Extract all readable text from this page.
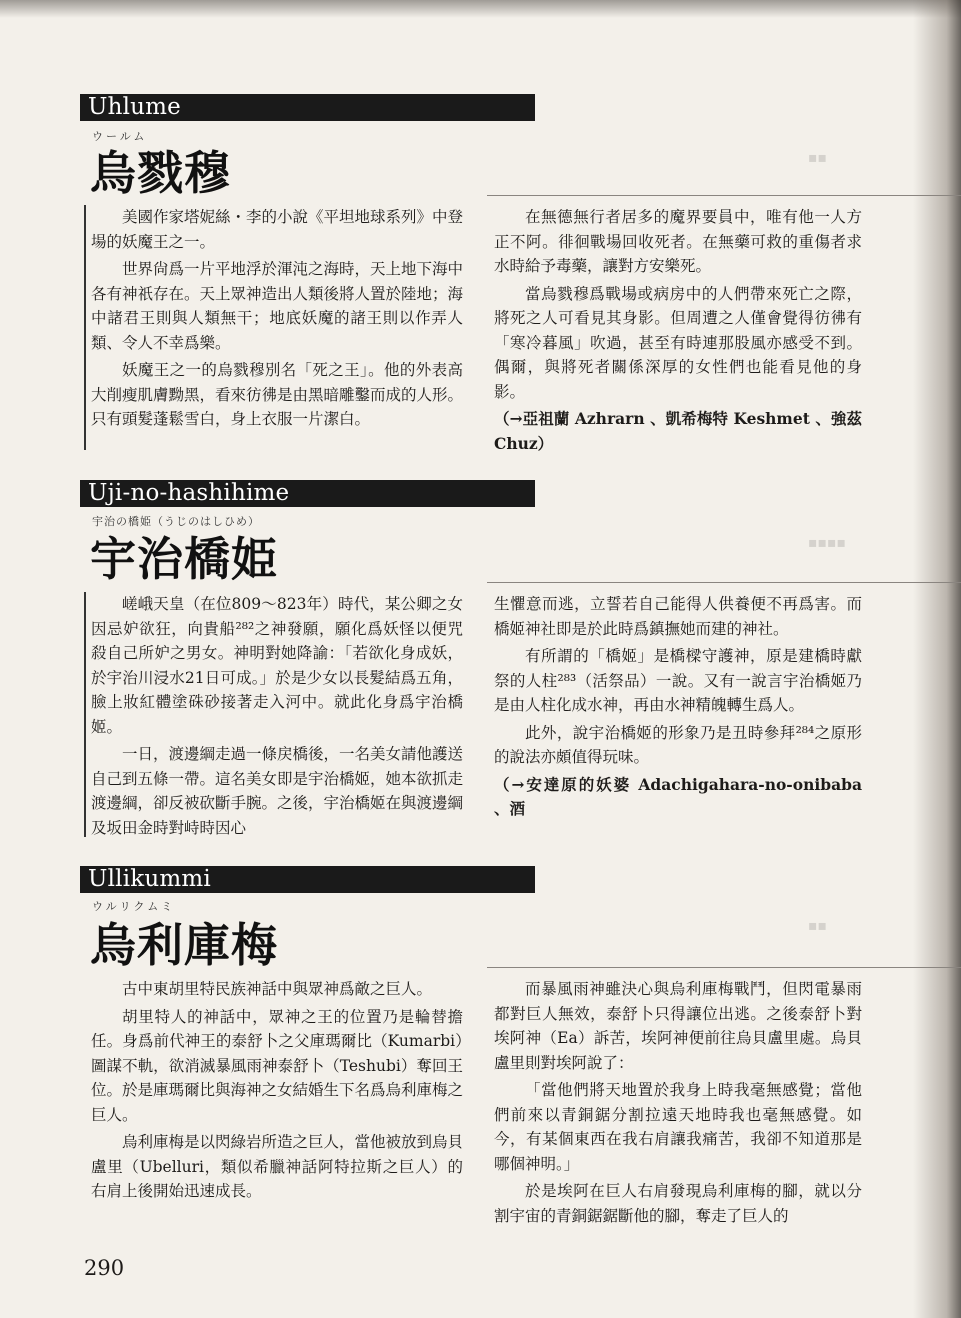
▪▪
▪▪▪▪
▪▪
Uhlume
ウールム
烏戮穆

美國作家塔妮絲・李的小說《平坦地球系列》中登場的妖魔王之一。

世界尙爲一片平地浮於渾沌之海時，天上地下海中各有神祇存在。天上眾神造出人類後將人置於陸地；海中諸君王則與人類無干；地底妖魔的諸王則以作弄人類、令人不幸爲樂。

妖魔王之一的烏戮穆別名「死之王」。他的外表高大削瘦肌膚黝黑，看來彷彿是由黑暗雕鑿而成的人形。只有頭髮蓬鬆雪白，身上衣服一片潔白。

在無德無行者居多的魔界要員中，唯有他一人方正不阿。徘徊戰場回收死者。在無藥可救的重傷者求水時給予毒藥，讓對方安樂死。

當烏戮穆爲戰場或病房中的人們帶來死亡之際，將死之人可看見其身影。但周遭之人僅會覺得彷彿有「寒冷暮風」吹過，甚至有時連那股風亦感受不到。偶爾，與將死者關係深厚的女性們也能看見他的身影。

（→亞祖蘭 Azhrarn 、凱希梅特 Keshmet 、強茲 Chuz）

Uji-no-hashihime
宇治の橋姫（うじのはしひめ）
宇治橋姫

嵯峨天皇（在位809～823年）時代，某公卿之女因忌妒欲狂，向貴船²⁸²之神發願，願化爲妖怪以便咒殺自己所妒之男女。神明對她降諭：「若欲化身成妖，於宇治川浸水21日可成。」於是少女以長髮結爲五角，臉上妝紅體塗硃砂接著走入河中。就此化身爲宇治橋姬。

一日，渡邊綱走過一條戻橋後，一名美女請他護送自己到五條一帶。這名美女即是宇治橋姬，她本欲抓走渡邊綱，卻反被砍斷手腕。之後，宇治橋姬在與渡邊綱及坂田金時對峙時因心

生懼意而逃，立誓若自己能得人供養便不再爲害。而橋姬神社即是於此時爲鎮撫她而建的神社。

有所謂的「橋姬」是橋樑守護神，原是建橋時獻祭的人柱²⁸³（活祭品）一說。又有一說言宇治橋姬乃是由人柱化成水神，再由水神精魄轉生爲人。

此外，說宇治橋姬的形象乃是丑時參拜²⁸⁴之原形的說法亦頗值得玩味。

（→安達原的妖婆 Adachigahara-no-onibaba 、酒

Ullikummi
ウルリクムミ
烏利庫梅

古中東胡里特民族神話中與眾神爲敵之巨人。

胡里特人的神話中，眾神之王的位置乃是輪替擔任。身爲前代神王的泰舒卜之父庫瑪爾比（Kumarbi）圖謀不軌，欲消滅暴風雨神泰舒卜（Teshubi）奪回王位。於是庫瑪爾比與海神之女結婚生下名爲烏利庫梅之巨人。

烏利庫梅是以閃綠岩所造之巨人，當他被放到烏貝盧里（Ubelluri，類似希臘神話阿特拉斯之巨人）的右肩上後開始迅速成長。

而暴風雨神雖決心與烏利庫梅戰鬥，但閃電暴雨都對巨人無效，泰舒卜只得讓位出逃。之後泰舒卜對埃阿神（Ea）訴苦，埃阿神便前往烏貝盧里處。烏貝盧里則對埃阿說了：

「當他們將天地置於我身上時我毫無感覺；當他們前來以青銅鋸分割拉遠天地時我也毫無感覺。如今，有某個東西在我右肩讓我痛苦，我卻不知道那是哪個神明。」

於是埃阿在巨人右肩發現烏利庫梅的腳，就以分割宇宙的青銅鋸鋸斷他的腳，奪走了巨人的

290
